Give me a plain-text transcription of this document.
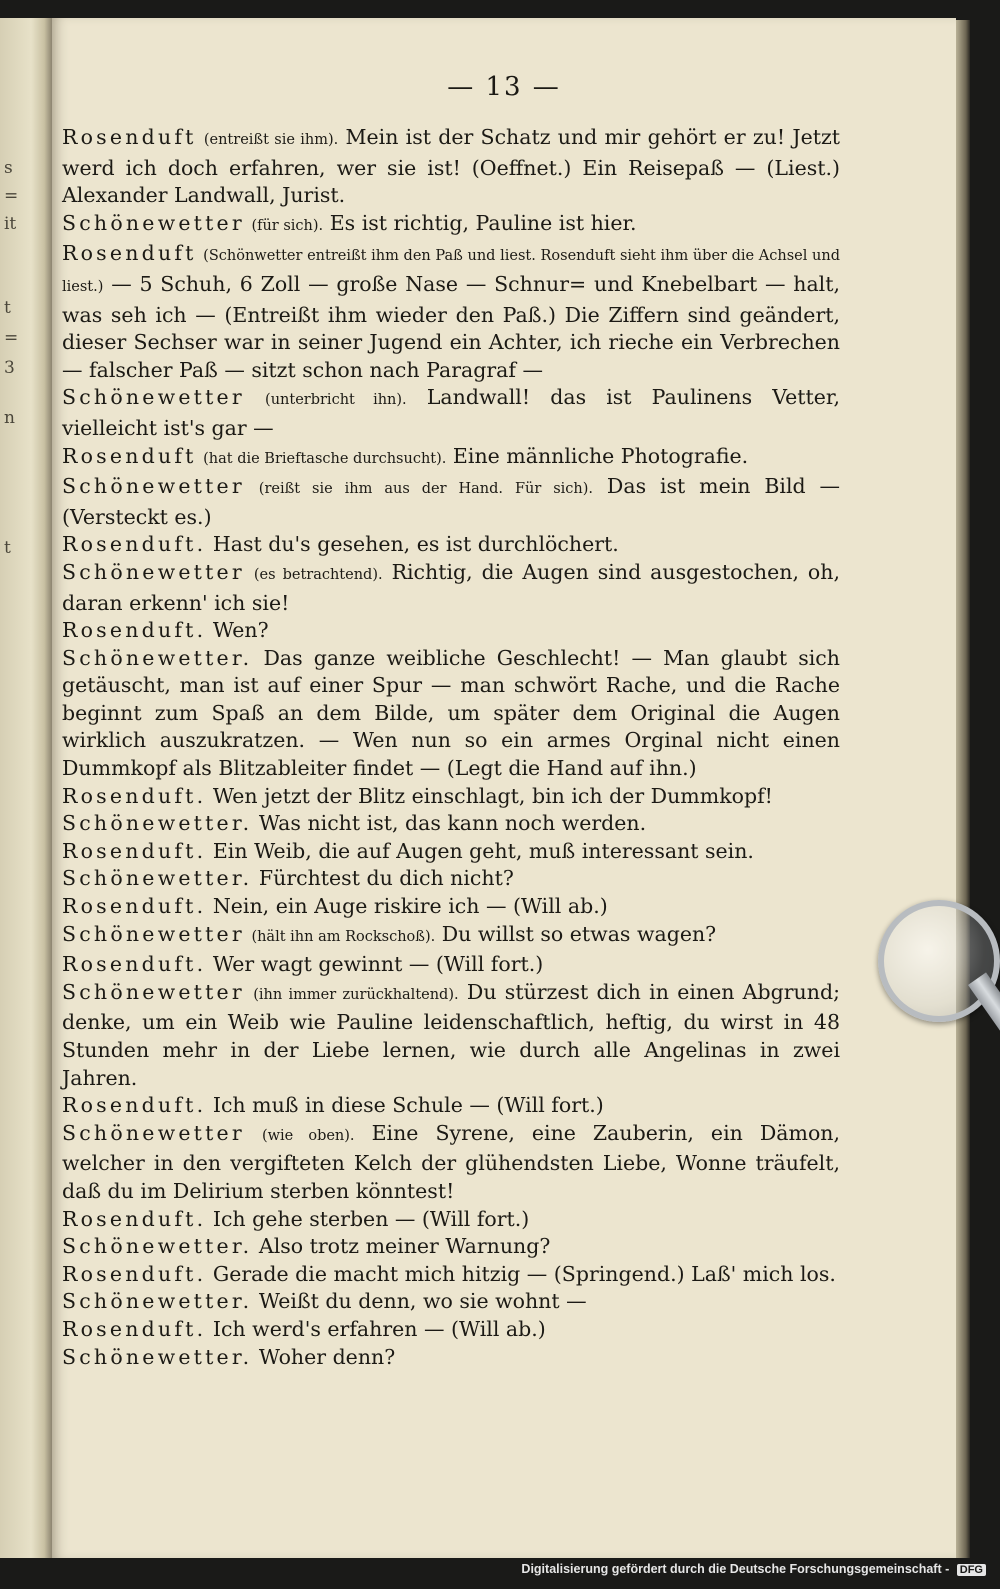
s
=
it
t
=
3
n
t
— 13 —

Rosenduft (entreißt sie ihm). Mein ist der Schatz und mir gehört er zu! Jetzt werd ich doch erfahren, wer sie ist! (Oeffnet.) Ein Reisepaß — (Liest.) Alexander Landwall, Jurist.

Schönewetter (für sich). Es ist richtig, Pauline ist hier.

Rosenduft (Schönwetter entreißt ihm den Paß und liest. Rosenduft sieht ihm über die Achsel und liest.) — 5 Schuh, 6 Zoll — große Nase — Schnur= und Knebelbart — halt, was seh ich — (Entreißt ihm wieder den Paß.) Die Ziffern sind geändert, dieser Sechser war in seiner Jugend ein Achter, ich rieche ein Verbrechen — falscher Paß — sitzt schon nach Paragraf —

Schönewetter (unterbricht ihn). Landwall! das ist Paulinens Vetter, vielleicht ist's gar —

Rosenduft (hat die Brieftasche durchsucht). Eine männliche Photografie.

Schönewetter (reißt sie ihm aus der Hand. Für sich). Das ist mein Bild — (Versteckt es.)

Rosenduft. Hast du's gesehen, es ist durchlöchert.

Schönewetter (es betrachtend). Richtig, die Augen sind ausgestochen, oh, daran erkenn' ich sie!

Rosenduft. Wen?

Schönewetter. Das ganze weibliche Geschlecht! — Man glaubt sich getäuscht, man ist auf einer Spur — man schwört Rache, und die Rache beginnt zum Spaß an dem Bilde, um später dem Original die Augen wirklich auszukratzen. — Wen nun so ein armes Orginal nicht einen Dummkopf als Blitzableiter findet — (Legt die Hand auf ihn.)

Rosenduft. Wen jetzt der Blitz einschlagt, bin ich der Dummkopf!

Schönewetter. Was nicht ist, das kann noch werden.

Rosenduft. Ein Weib, die auf Augen geht, muß interessant sein.

Schönewetter. Fürchtest du dich nicht?

Rosenduft. Nein, ein Auge riskire ich — (Will ab.)

Schönewetter (hält ihn am Rockschoß). Du willst so etwas wagen?

Rosenduft. Wer wagt gewinnt — (Will fort.)

Schönewetter (ihn immer zurückhaltend). Du stürzest dich in einen Abgrund; denke, um ein Weib wie Pauline leidenschaftlich, heftig, du wirst in 48 Stunden mehr in der Liebe lernen, wie durch alle Angelinas in zwei Jahren.

Rosenduft. Ich muß in diese Schule — (Will fort.)

Schönewetter (wie oben). Eine Syrene, eine Zauberin, ein Dämon, welcher in den vergifteten Kelch der glühendsten Liebe, Wonne träufelt, daß du im Delirium sterben könntest!

Rosenduft. Ich gehe sterben — (Will fort.)

Schönewetter. Also trotz meiner Warnung?

Rosenduft. Gerade die macht mich hitzig — (Springend.) Laß' mich los.

Schönewetter. Weißt du denn, wo sie wohnt —

Rosenduft. Ich werd's erfahren — (Will ab.)

Schönewetter. Woher denn?

Digitalisierung gefördert durch die Deutsche Forschungsgemeinschaft - DFG
